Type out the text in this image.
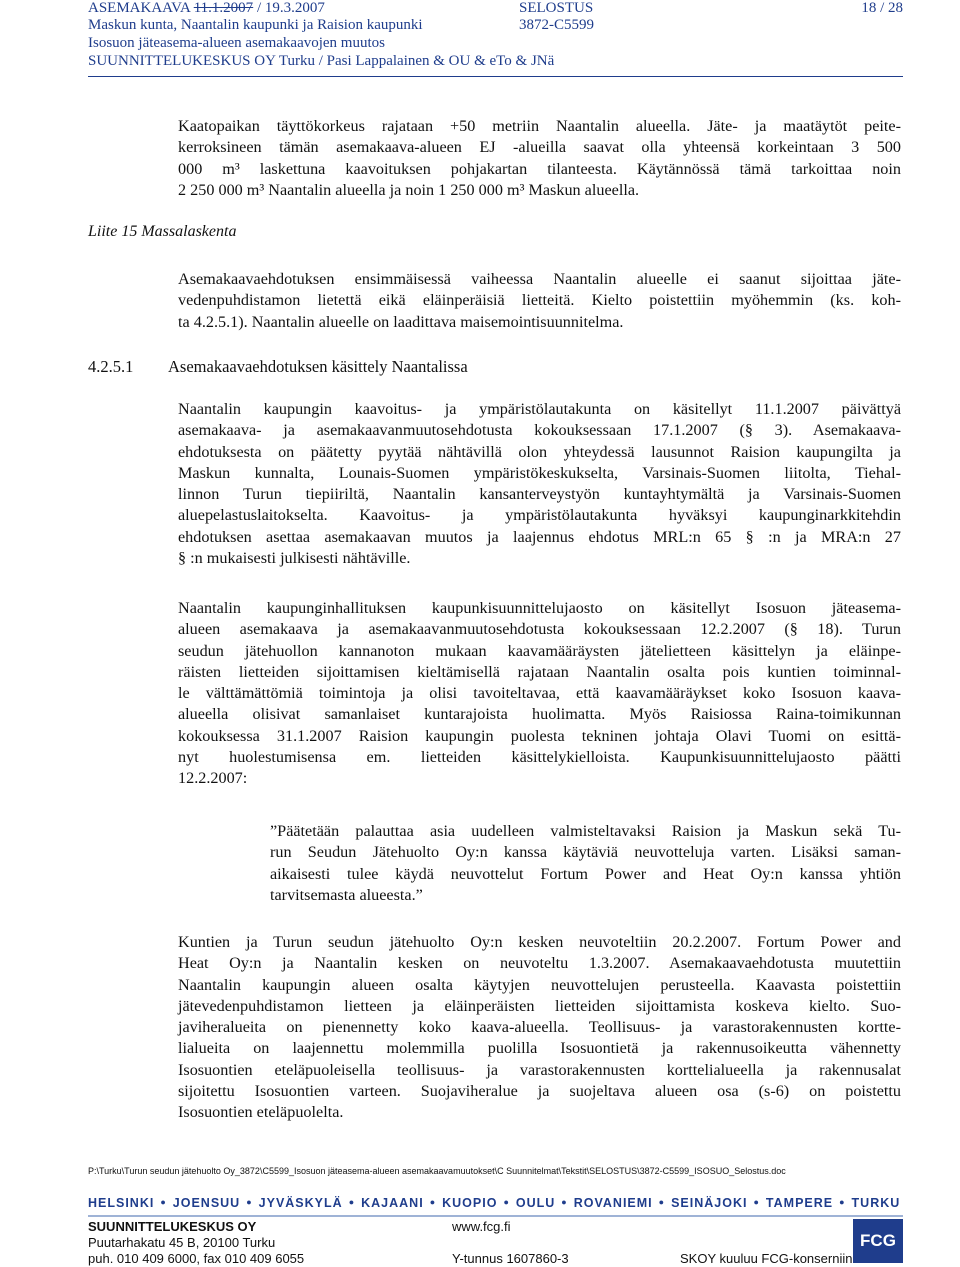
ASEMAKAAVA 11.1.2007 / 19.3.2007	SELOSTUS	18 / 28
Maskun kunta, Naantalin kaupunki ja Raision kaupunki	3872-C5599
Isosuon jäteasema-alueen asemakaavojen muutos
SUUNNITTELUKESKUS OY Turku / Pasi Lappalainen & OU & eTo & JNä
Kaatopaikan täyttökorkeus rajataan +50 metriin Naantalin alueella. Jäte- ja maatäytöt peite-
kerroksineen tämän asemakaava-alueen EJ -alueilla saavat olla yhteensä korkeintaan 3 500
000 m³ laskettuna kaavoituksen pohjakartan tilanteesta. Käytännössä tämä tarkoittaa noin
2 250 000 m³ Naantalin alueella ja noin 1 250 000 m³ Maskun alueella.
Liite 15 Massalaskenta
Asemakaavaehdotuksen ensimmäisessä vaiheessa Naantalin alueelle ei saanut sijoittaa jäte-
vedenpuhdistamon lietettä eikä eläinperäisiä lietteitä. Kielto poistettiin myöhemmin (ks. koh-
ta 4.2.5.1). Naantalin alueelle on laadittava maisemointisuunnitelma.
4.2.5.1 Asemakaavaehdotuksen käsittely Naantalissa
Naantalin kaupungin kaavoitus- ja ympäristölautakunta on käsitellyt 11.1.2007 päivättyä
asemakaava- ja asemakaavanmuutosehdotusta kokouksessaan 17.1.2007 (§ 3). Asemakaava-
ehdotuksesta on päätetty pyytää nähtävillä olon yhteydessä lausunnot Raision kaupungilta ja
Maskun kunnalta, Lounais-Suomen ympäristökeskukselta, Varsinais-Suomen liitolta, Tiehal-
linnon Turun tiepiiriltä, Naantalin kansanterveystyön kuntayhtymältä ja Varsinais-Suomen
aluepelastuslaitokselta. Kaavoitus- ja ympäristölautakunta hyväksyi kaupunginarkkitehdin
ehdotuksen asettaa asemakaavan muutos ja laajennus ehdotus MRL:n 65 § :n ja MRA:n 27
§ :n mukaisesti julkisesti nähtäville.
Naantalin kaupunginhallituksen kaupunkisuunnittelujaosto on käsitellyt Isosuon jäteasema-
alueen asemakaava ja asemakaavanmuutosehdotusta kokouksessaan 12.2.2007 (§ 18). Turun
seudun jätehuollon kannanoton mukaan kaavamääräysten jätelietteen käsittelyn ja eläinpe-
räisten lietteiden sijoittamisen kieltämisellä rajataan Naantalin osalta pois kuntien toiminnal-
le välttämättömiä toimintoja ja olisi tavoiteltavaa, että kaavamääräykset koko Isosuon kaava-
alueella olisivat samanlaiset kuntarajoista huolimatta. Myös Raisiossa Raina-toimikunnan
kokouksessa 31.1.2007 Raision kaupungin puolesta tekninen johtaja Olavi Tuomi on esittä-
nyt huolestumisensa em. lietteiden käsittelykielloista. Kaupunkisuunnittelujaosto päätti
12.2.2007:
”Päätetään palauttaa asia uudelleen valmisteltavaksi Raision ja Maskun sekä Tu-
run Seudun Jätehuolto Oy:n kanssa käytäviä neuvotteluja varten. Lisäksi saman-
aikaisesti tulee käydä neuvottelut Fortum Power and Heat Oy:n kanssa yhtiön
tarvitsemasta alueesta.”
Kuntien ja Turun seudun jätehuolto Oy:n kesken neuvoteltiin 20.2.2007. Fortum Power and
Heat Oy:n ja Naantalin kesken on neuvoteltu 1.3.2007. Asemakaavaehdotusta muutettiin
Naantalin kaupungin alueen osalta käytyjen neuvottelujen perusteella. Kaavasta poistettiin
jätevedenpuhdistamon lietteen ja eläinperäisten lietteiden sijoittamista koskeva kielto. Suo-
javiheralueita on pienennetty koko kaava-alueella. Teollisuus- ja varastorakennusten kortte-
lialueita on laajennettu molemmilla puolilla Isosuontietä ja rakennusoikeutta vähennetty
Isosuontien eteläpuoleisella teollisuus- ja varastorakennusten korttelialueella ja rakennusalat
sijoitettu Isosuontien varteen. Suojaviheralue ja suojeltava alueen osa (s-6) on poistettu
Isosuontien eteläpuolelta.
P:\Turku\Turun seudun jätehuolto Oy_3872\C5599_Isosuon jäteasema-alueen asemakaavamuutokset\C Suunnitelmat\Tekstit\SELOSTUS\3872-C5599_ISOSUO_Selostus.doc
HELSINKI ● JOENSUU ● JYVÄSKYLÄ ● KAJAANI ● KUOPIO ● OULU ● ROVANIEMI ● SEINÄJOKI ● TAMPERE ● TURKU
SUUNNITTELUKESKUS OY
Puutarhakatu 45 B, 20100 Turku
puh. 010 409 6000, fax 010 409 6055
www.fcg.fi
Y-tunnus 1607860-3	SKOY kuuluu FCG-konserniin
FCG
